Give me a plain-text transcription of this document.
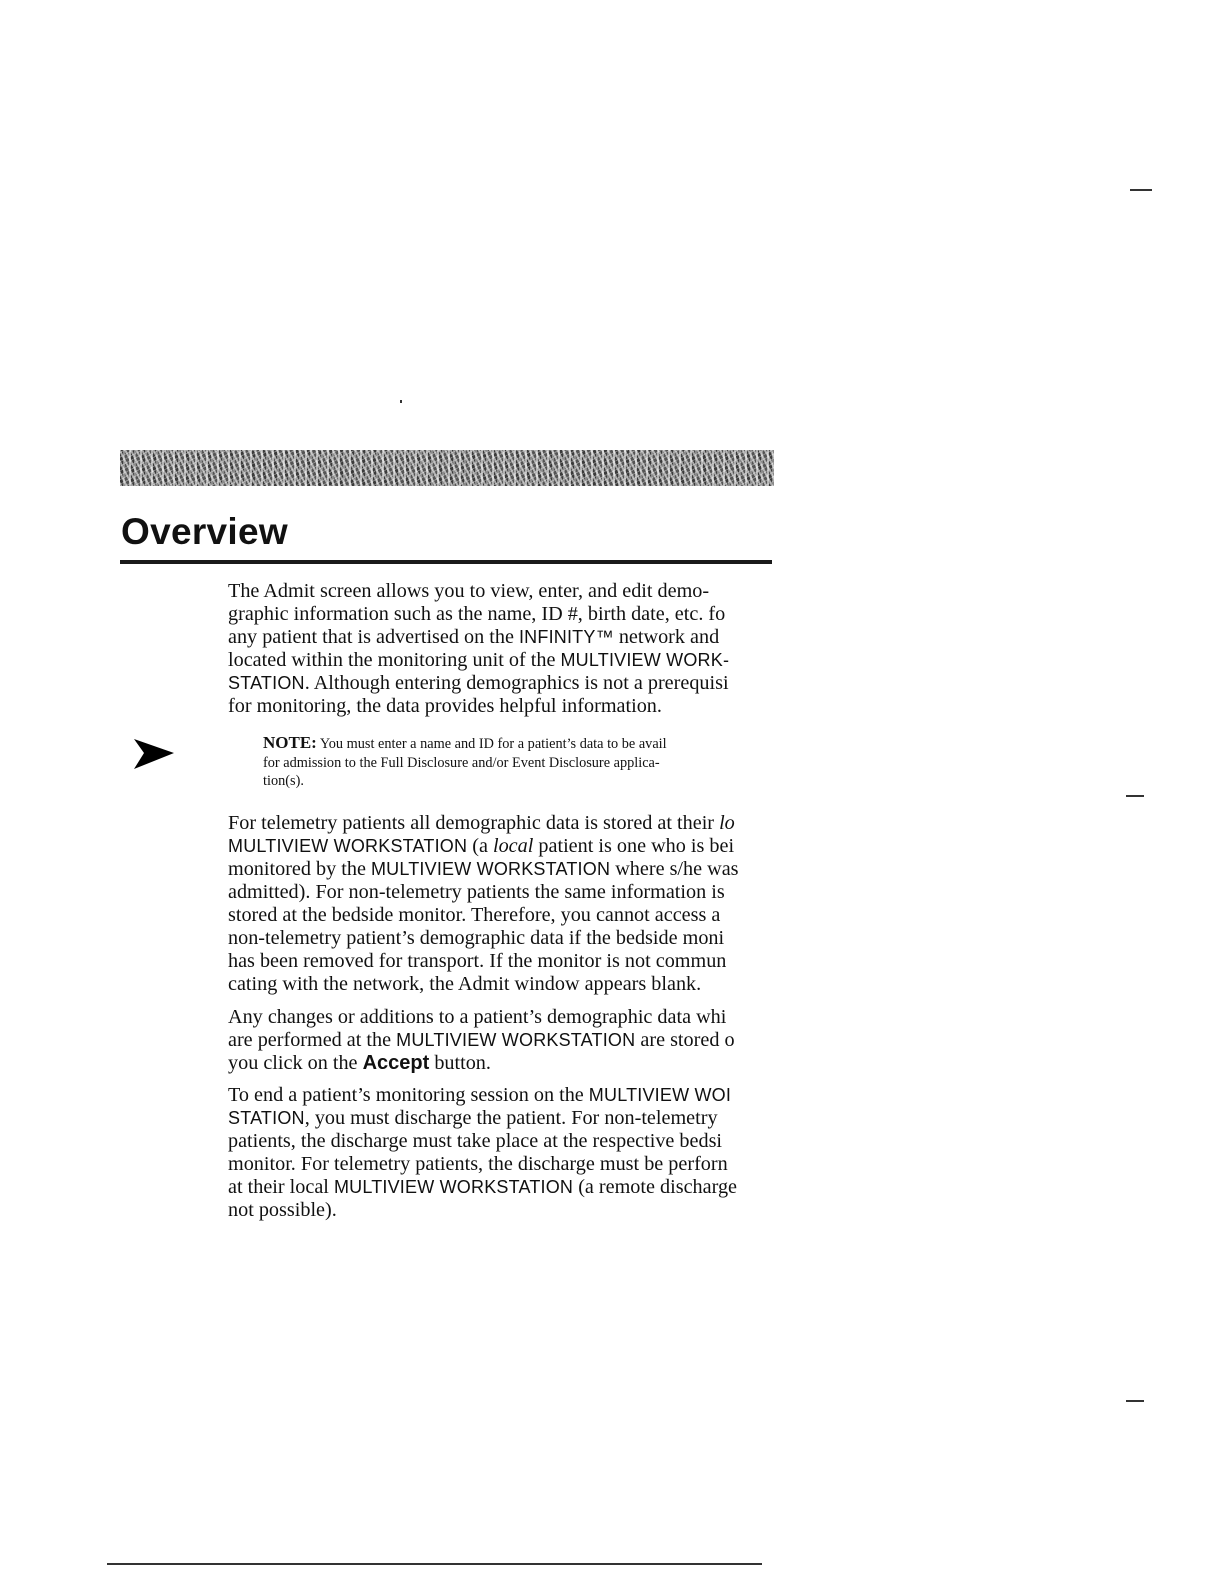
Overview

The Admit screen allows you to view, enter, and edit demo-

graphic information such as the name, ID #, birth date, etc. fo

any patient that is advertised on the INFINITY™ network and

located within the monitoring unit of the MULTIVIEW WORK-

STATION. Although entering demographics is not a prerequisi

for monitoring, the data provides helpful information.

NOTE: You must enter a name and ID for a patient’s data to be avail
for admission to the Full Disclosure and/or Event Disclosure applica-
tion(s).

For telemetry patients all demographic data is stored at their lo

MULTIVIEW WORKSTATION (a local patient is one who is bei

monitored by the MULTIVIEW WORKSTATION where s/he was

admitted). For non-telemetry patients the same information is

stored at the bedside monitor. Therefore, you cannot access a

non-telemetry patient’s demographic data if the bedside moni

has been removed for transport. If the monitor is not commun

cating with the network, the Admit window appears blank.

Any changes or additions to a patient’s demographic data whi

are performed at the MULTIVIEW WORKSTATION are stored o

you click on the Accept button.

To end a patient’s monitoring session on the MULTIVIEW WOI

STATION, you must discharge the patient. For non-telemetry

patients, the discharge must take place at the respective bedsi

monitor. For telemetry patients, the discharge must be perforn

at their local MULTIVIEW WORKSTATION (a remote discharge

not possible).
